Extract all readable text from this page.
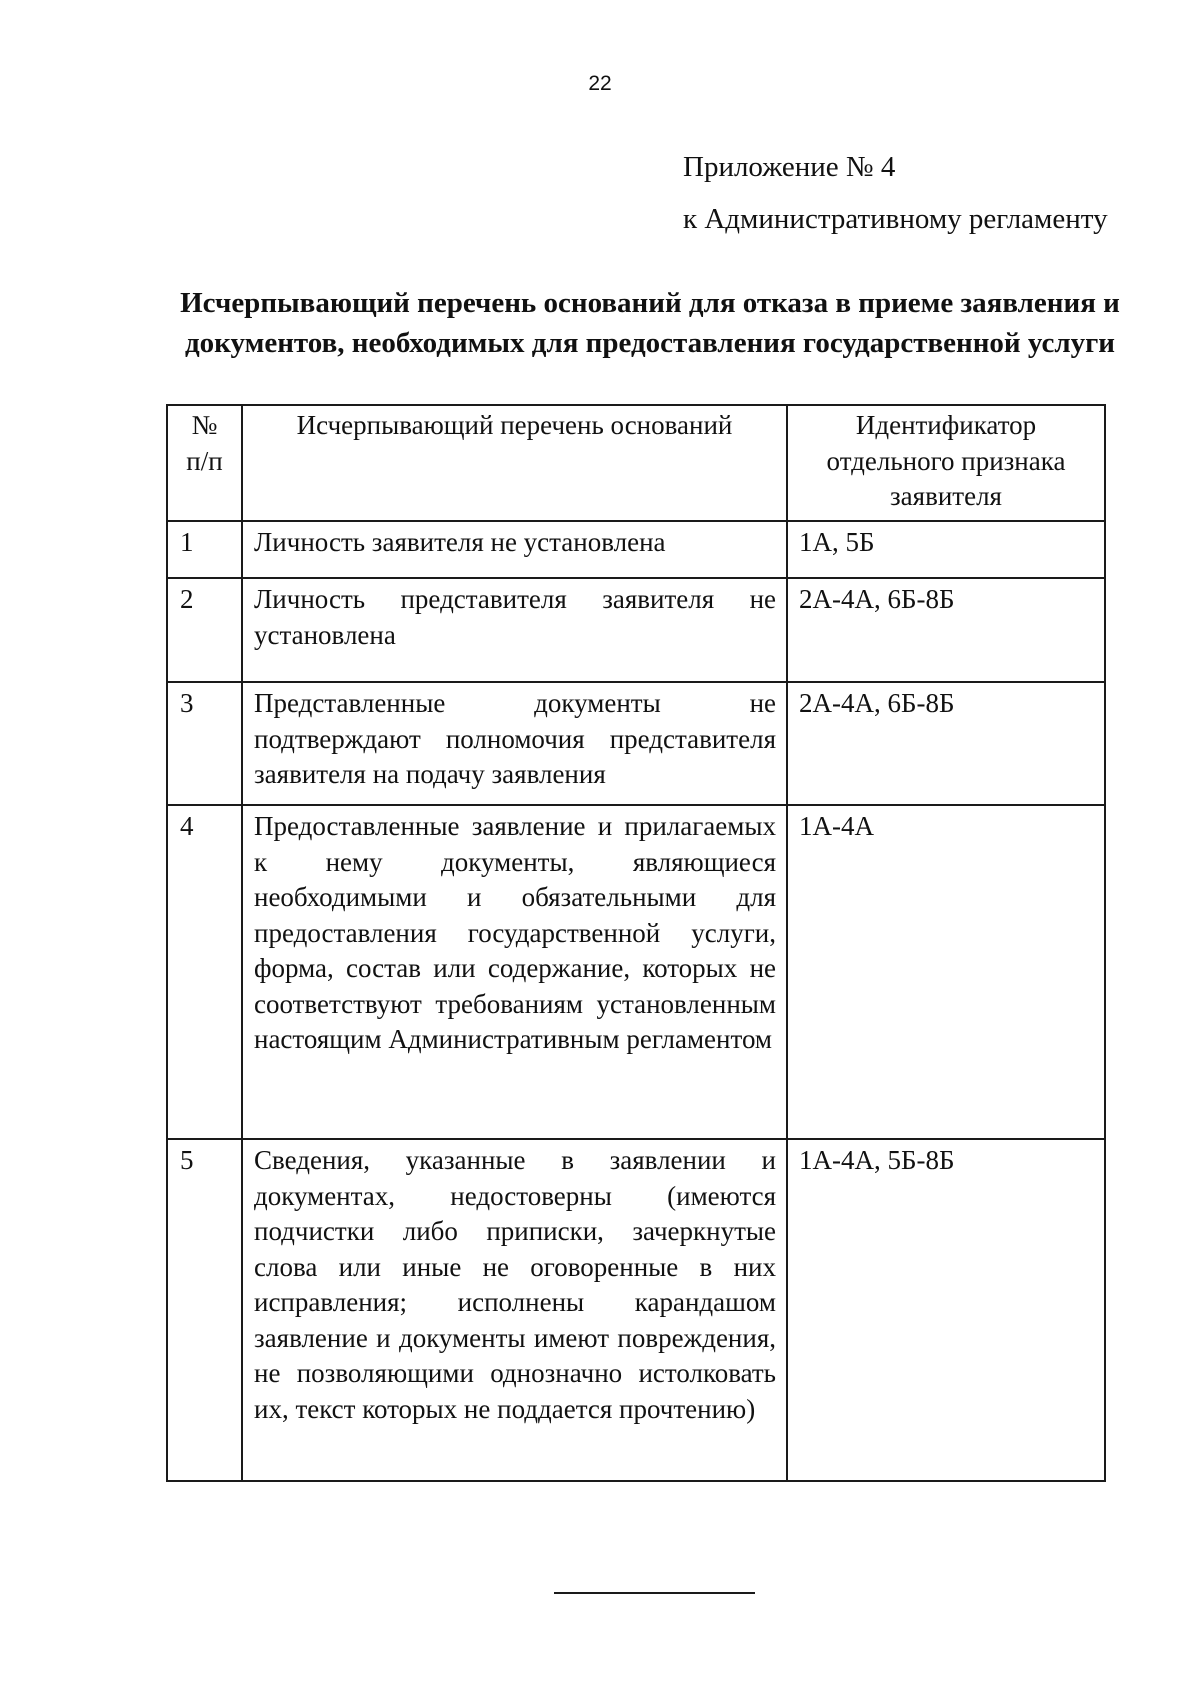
22
Приложение № 4
к Административному регламенту
Исчерпывающий перечень оснований для отказа в приеме заявления и
документов, необходимых для предоставления государственной услуги
№
п/п	Исчерпывающий перечень оснований	Идентификатор отдельного признака заявителя
1	Личность заявителя не установлена	1А, 5Б
2	Личность представителя заявителя не установлена	2А-4А, 6Б-8Б
3	Представленные документы не подтверждают полномочия представителя заявителя на подачу заявления	2А-4А, 6Б-8Б
4	Предоставленные заявление и прилагаемых к нему документы, являющиеся необходимыми и обязательными для предоставления государственной услуги, форма, состав или содержание, которых не соответствуют требованиям установленным настоящим Административным регламентом	1А-4А
5	Сведения, указанные в заявлении и документах, недостоверны (имеются подчистки либо приписки, зачеркнутые слова или иные не оговоренные в них исправления; исполнены карандашом заявление и документы имеют повреждения, не позволяющими однозначно истолковать их, текст которых не поддается прочтению)	1А-4А, 5Б-8Б
